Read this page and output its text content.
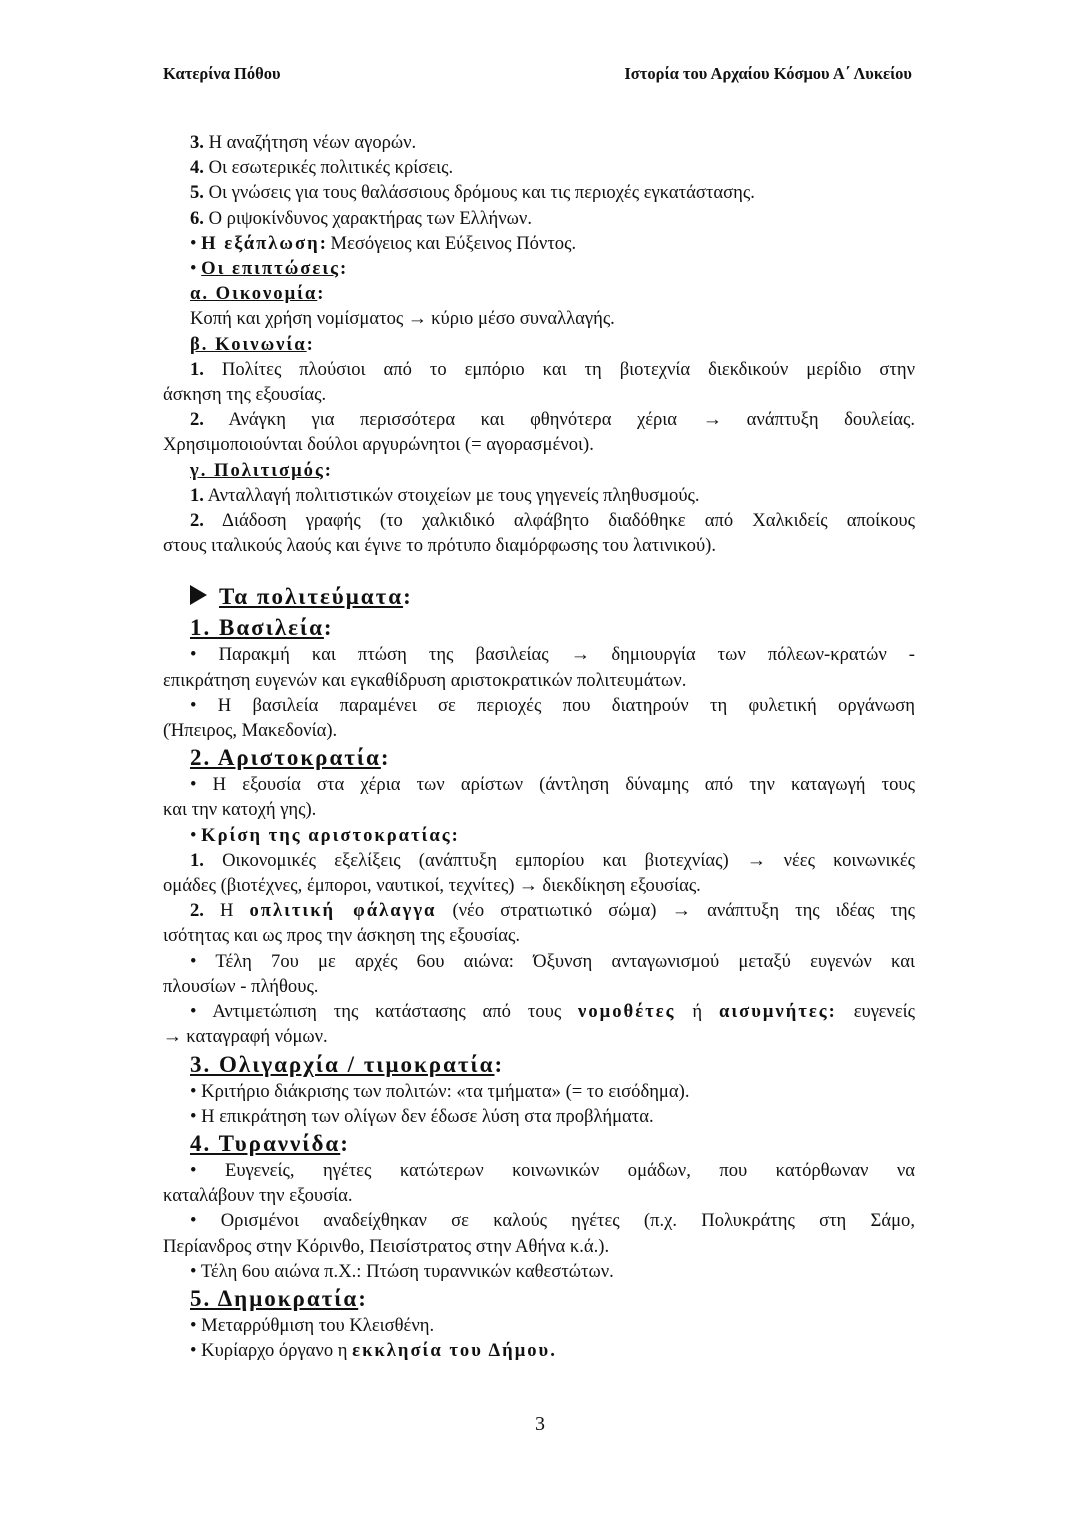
Κατερίνα Πόθου	Ιστορία του Αρχαίου Κόσμου Α΄ Λυκείου
3. Η αναζήτηση νέων αγορών.
4. Οι εσωτερικές πολιτικές κρίσεις.
5. Οι γνώσεις για τους θαλάσσιους δρόμους και τις περιοχές εγκατάστασης.
6. Ο ριψοκίνδυνος χαρακτήρας των Ελλήνων.
• Η εξάπλωση: Μεσόγειος και Εύξεινος Πόντος.
• Οι επιπτώσεις:
α. Οικονομία:
Κοπή και χρήση νομίσματος → κύριο μέσο συναλλαγής.
β. Κοινωνία:
1. Πολίτες πλούσιοι από το εμπόριο και τη βιοτεχνία διεκδικούν μερίδιο στην
άσκηση της εξουσίας.
2. Ανάγκη για περισσότερα και φθηνότερα χέρια → ανάπτυξη δουλείας.
Χρησιμοποιούνται δούλοι αργυρώνητοι (= αγορασμένοι).
γ. Πολιτισμός:
1. Ανταλλαγή πολιτιστικών στοιχείων με τους γηγενείς πληθυσμούς.
2. Διάδοση γραφής (το χαλκιδικό αλφάβητο διαδόθηκε από Χαλκιδείς αποίκους
στους ιταλικούς λαούς και έγινε το πρότυπο διαμόρφωσης του λατινικού).
Τα πολιτεύματα:
1. Βασιλεία:
• Παρακμή και πτώση της βασιλείας → δημιουργία των πόλεων-κρατών -
επικράτηση ευγενών και εγκαθίδρυση αριστοκρατικών πολιτευμάτων.
• Η βασιλεία παραμένει σε περιοχές που διατηρούν τη φυλετική οργάνωση
(Ήπειρος, Μακεδονία).
2. Αριστοκρατία:
• Η εξουσία στα χέρια των αρίστων (άντληση δύναμης από την καταγωγή τους
και την κατοχή γης).
• Κρίση της αριστοκρατίας:
1. Οικονομικές εξελίξεις (ανάπτυξη εμπορίου και βιοτεχνίας) → νέες κοινωνικές
ομάδες (βιοτέχνες, έμποροι, ναυτικοί, τεχνίτες) → διεκδίκηση εξουσίας.
2. Η οπλιτική φάλαγγα (νέο στρατιωτικό σώμα) → ανάπτυξη της ιδέας της
ισότητας και ως προς την άσκηση της εξουσίας.
• Τέλη 7ου με αρχές 6ου αιώνα: Όξυνση ανταγωνισμού μεταξύ ευγενών και
πλουσίων - πλήθους.
• Αντιμετώπιση της κατάστασης από τους νομοθέτες ή αισυμνήτες: ευγενείς
→ καταγραφή νόμων.
3. Ολιγαρχία / τιμοκρατία:
• Κριτήριο διάκρισης των πολιτών: «τα τμήματα» (= το εισόδημα).
• Η επικράτηση των ολίγων δεν έδωσε λύση στα προβλήματα.
4. Τυραννίδα:
• Ευγενείς, ηγέτες κατώτερων κοινωνικών ομάδων, που κατόρθωναν να
καταλάβουν την εξουσία.
• Ορισμένοι αναδείχθηκαν σε καλούς ηγέτες (π.χ. Πολυκράτης στη Σάμο,
Περίανδρος στην Κόρινθο, Πεισίστρατος στην Αθήνα κ.ά.).
• Τέλη 6ου αιώνα π.Χ.: Πτώση τυραννικών καθεστώτων.
5. Δημοκρατία:
• Μεταρρύθμιση του Κλεισθένη.
• Κυρίαρχο όργανο η εκκλησία του Δήμου.
3
